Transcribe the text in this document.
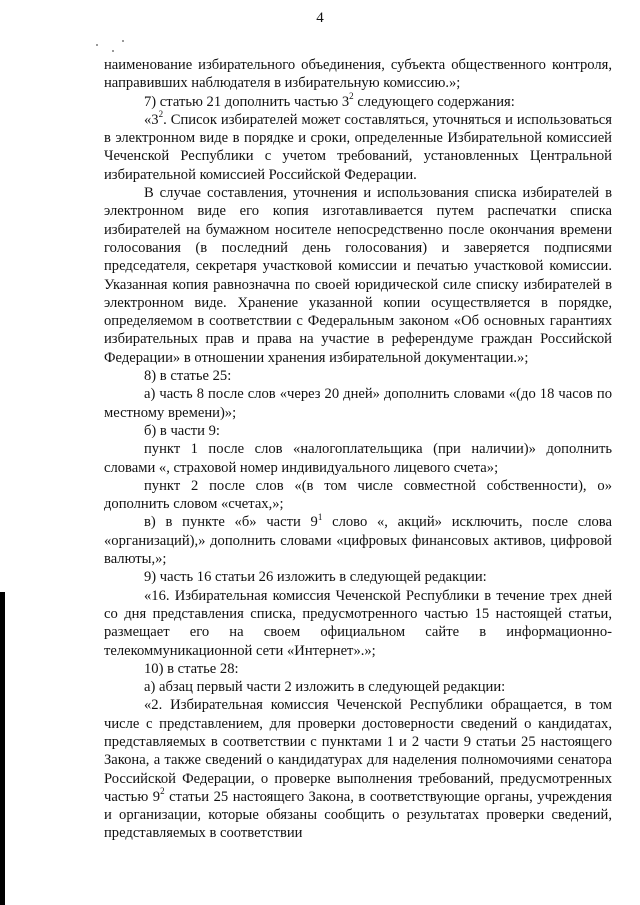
4

наименование избирательного объединения, субъекта общественного контроля, направивших наблюдателя в избирательную комиссию.»;

7) статью 21 дополнить частью $3^2$ следующего содержания:

«$3^2$. Список избирателей может составляться, уточняться и использоваться в электронном виде в порядке и сроки, определенные Избирательной комиссией Чеченской Республики с учетом требований, установленных Центральной избирательной комиссией Российской Федерации.

В случае составления, уточнения и использования списка избирателей в электронном виде его копия изготавливается путем распечатки списка избирателей на бумажном носителе непосредственно после окончания времени голосования (в последний день голосования) и заверяется подписями председателя, секретаря участковой комиссии и печатью участковой комиссии. Указанная копия равнозначна по своей юридической силе списку избирателей в электронном виде. Хранение указанной копии осуществляется в порядке, определяемом в соответствии с Федеральным законом «Об основных гарантиях избирательных прав и права на участие в референдуме граждан Российской Федерации» в отношении хранения избирательной документации.»;

8) в статье 25:

а) часть 8 после слов «через 20 дней» дополнить словами «(до 18 часов по местному времени)»;

б) в части 9:

пункт 1 после слов «налогоплательщика (при наличии)» дополнить словами «, страховой номер индивидуального лицевого счета»;

пункт 2 после слов «(в том числе совместной собственности), о» дополнить словом «счетах,»;

в) в пункте «б» части $9^1$ слово «, акций» исключить, после слова «организаций),» дополнить словами «цифровых финансовых активов, цифровой валюты,»;

9) часть 16 статьи 26 изложить в следующей редакции:

«16. Избирательная комиссия Чеченской Республики в течение трех дней со дня представления списка, предусмотренного частью 15 настоящей статьи, размещает его на своем официальном сайте в информационно-телекоммуникационной сети «Интернет».»;

10) в статье 28:

а) абзац первый части 2 изложить в следующей редакции:

«2. Избирательная комиссия Чеченской Республики обращается, в том числе с представлением, для проверки достоверности сведений о кандидатах, представляемых в соответствии с пунктами 1 и 2 части 9 статьи 25 настоящего Закона, а также сведений о кандидатурах для наделения полномочиями сенатора Российской Федерации, о проверке выполнения требований, предусмотренных частью $9^2$ статьи 25 настоящего Закона, в соответствующие органы, учреждения и организации, которые обязаны сообщить о результатах проверки сведений, представляемых в соответствии
